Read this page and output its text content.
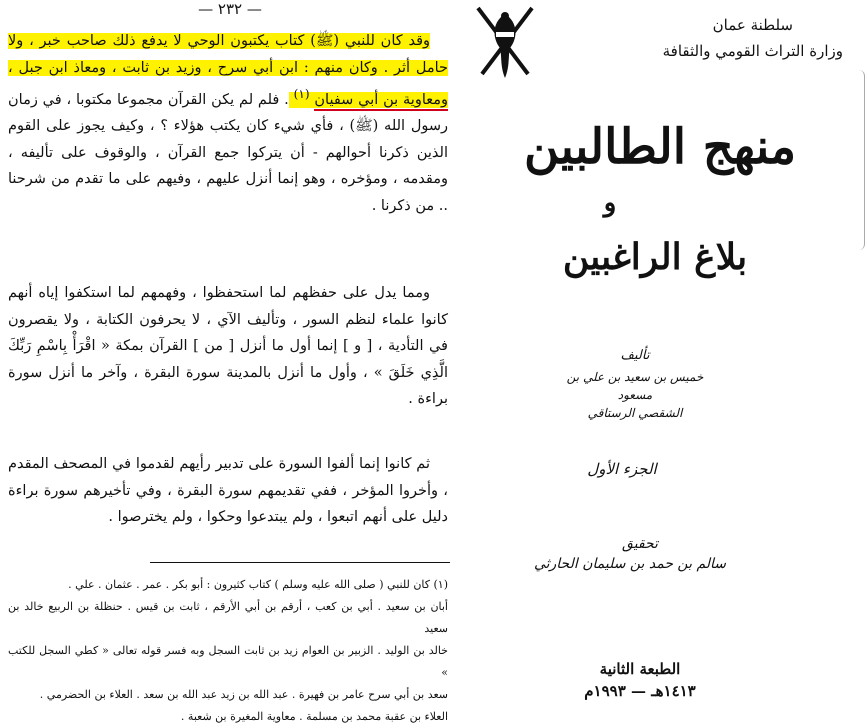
— ٢٣٢ —

وقد كان للنبي (ﷺ) كتاب يكتبون الوحي لا يدفع ذلك صاحب خبر ، ولا حامل أثر . وكان منهم : ابن أبي سرح ، وزيد بن ثابت ، ومعاذ ابن جبل ، ومعاوية بن أبي سفيان $^{(١)}$ . فلم لم يكن القرآن مجموعا مكتوبا ، في زمان رسول الله (ﷺ) ، فأي شيء كان يكتب هؤلاء ؟ ، وكيف يجوز على القوم الذين ذكرنا أحوالهم - أن يتركوا جمع القرآن ، والوقوف على تأليفه ، ومقدمه ، ومؤخره ، وهو إنما أنزل عليهم ، وفيهم على ما تقدم من شرحنا .. من ذكرنا .

ومما يدل على حفظهم لما استحفظوا ، وفهمهم لما استكفوا إياه أنهم كانوا علماء لنظم السور ، وتأليف الآي ، لا يحرفون الكتابة ، ولا يقصرون في التأدية ، [ و ] إنما أول ما أنزل [ من ] القرآن بمكة « اقْرَأْ بِاسْمِ رَبِّكَ الَّذِي خَلَقَ » ، وأول ما أنزل بالمدينة سورة البقرة ، وآخر ما أنزل سورة براءة .

ثم كانوا إنما ألفوا السورة على تدبير رأيهم لقدموا في المصحف المقدم ، وأخروا المؤخر ، ففي تقديمهم سورة البقرة ، وفي تأخيرهم سورة براءة دليل على أنهم اتبعوا ، ولم يبتدعوا وحكوا ، ولم يخترصوا .

(١) كان للنبي ( صلى الله عليه وسلم ) كتاب كثيرون : أبو بكر . عمر . عثمان . علي .

أبان بن سعيد . أبي بن كعب ، أرقم بن أبي الأرقم ، ثابت بن قيس . حنظلة بن الربيع خالد بن سعيد

خالد بن الوليد . الزبير بن العوام زيد بن ثابت السجل وبه فسر قوله تعالى « كطي السجل للكتب »

سعد بن أبي سرح عامر بن فهيرة . عبد الله بن زيد عبد الله بن سعد . العلاء بن الحضرمي .

العلاء بن عقبة محمد بن مسلمة . معاوية المغيرة بن شعبة .

سلطنة عمان
وزارة التراث القومي والثقافة
منهج الطالبين
و
بلاغ الراغبين
تأليف
خميس بن سعيد بن علي بن مسعود
الشقصي الرستاقي
الجزء الأول
تحقيق
سالم بن حمد بن سليمان الحارثي
الطبعة الثانية
١٤١٣هـ — ١٩٩٣م
